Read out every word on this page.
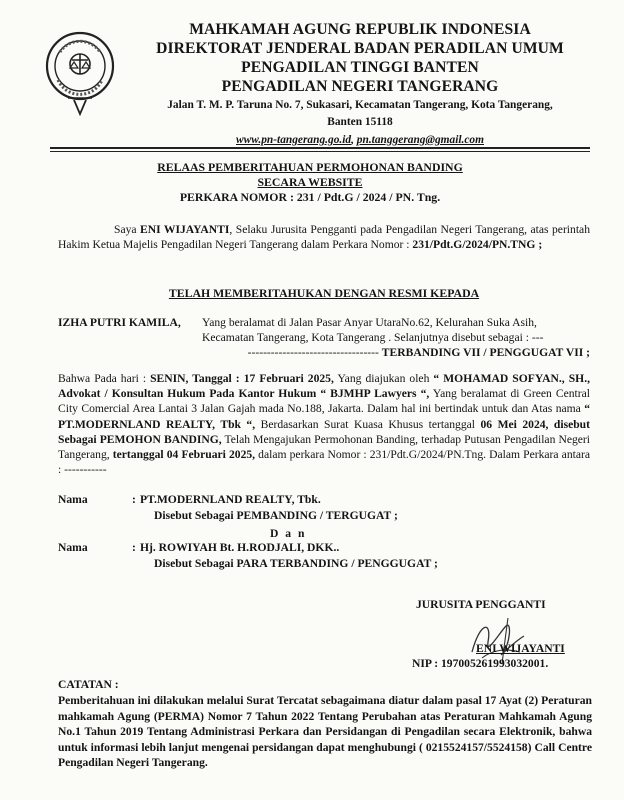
MAHKAMAH AGUNG REPUBLIK INDONESIA
DIREKTORAT JENDERAL BADAN PERADILAN UMUM
PENGADILAN TINGGI BANTEN
PENGADILAN NEGERI TANGERANG
Jalan T. M. P. Taruna No. 7, Sukasari, Kecamatan Tangerang, Kota Tangerang,
Banten 15118
www.pn-tangerang.go.id, pn.tanggerang@gmail.com
RELAAS PEMBERITAHUAN PERMOHONAN BANDING
SECARA WEBSITE
PERKARA NOMOR : 231 / Pdt.G / 2024 / PN. Tng.
Saya ENI WIJAYANTI, Selaku Jurusita Pengganti pada Pengadilan Negeri Tangerang, atas perintah Hakim Ketua Majelis Pengadilan Negeri Tangerang dalam Perkara Nomor : 231/Pdt.G/2024/PN.TNG ;
TELAH MEMBERITAHUKAN DENGAN RESMI KEPADA
IZHA PUTRI KAMILA, Yang beralamat di Jalan Pasar Anyar UtaraNo.62, Kelurahan Suka Asih, Kecamatan Tangerang, Kota Tangerang . Selanjutnya disebut sebagai : ---
---------------------------------- TERBANDING VII / PENGGUGAT VII ;
Bahwa Pada hari : SENIN, Tanggal : 17 Februari 2025, Yang diajukan oleh “ MOHAMAD SOFYAN., SH., Advokat / Konsultan Hukum Pada Kantor Hukum “ BJMHP Lawyers “, Yang beralamat di Green Central City Comercial Area Lantai 3 Jalan Gajah mada No.188, Jakarta. Dalam hal ini bertindak untuk dan Atas nama “ PT.MODERNLAND REALTY, Tbk “, Berdasarkan Surat Kuasa Khusus tertanggal 06 Mei 2024, disebut Sebagai PEMOHON BANDING, Telah Mengajukan Permohonan Banding, terhadap Putusan Pengadilan Negeri Tangerang, tertanggal 04 Februari 2025, dalam perkara Nomor : 231/Pdt.G/2024/PN.Tng. Dalam Perkara antara : -----------
Nama	: PT.MODERNLAND REALTY, Tbk.
Disebut Sebagai PEMBANDING / TERGUGAT ;
D a n
Nama	: Hj. ROWIYAH Bt. H.RODJALI, DKK..
Disebut Sebagai PARA TERBANDING / PENGGUGAT ;
JURUSITA PENGGANTI
ENI WIJAYANTI
NIP : 197005261993032001.
CATATAN :
Pemberitahuan ini dilakukan melalui Surat Tercatat sebagaimana diatur dalam pasal 17 Ayat (2) Peraturan mahkamah Agung (PERMA) Nomor 7 Tahun 2022 Tentang Perubahan atas Peraturan Mahkamah Agung No.1 Tahun 2019 Tentang Administrasi Perkara dan Persidangan di Pengadilan secara Elektronik, bahwa untuk informasi lebih lanjut mengenai persidangan dapat menghubungi ( 0215524157/5524158) Call Centre Pengadilan Negeri Tangerang.
